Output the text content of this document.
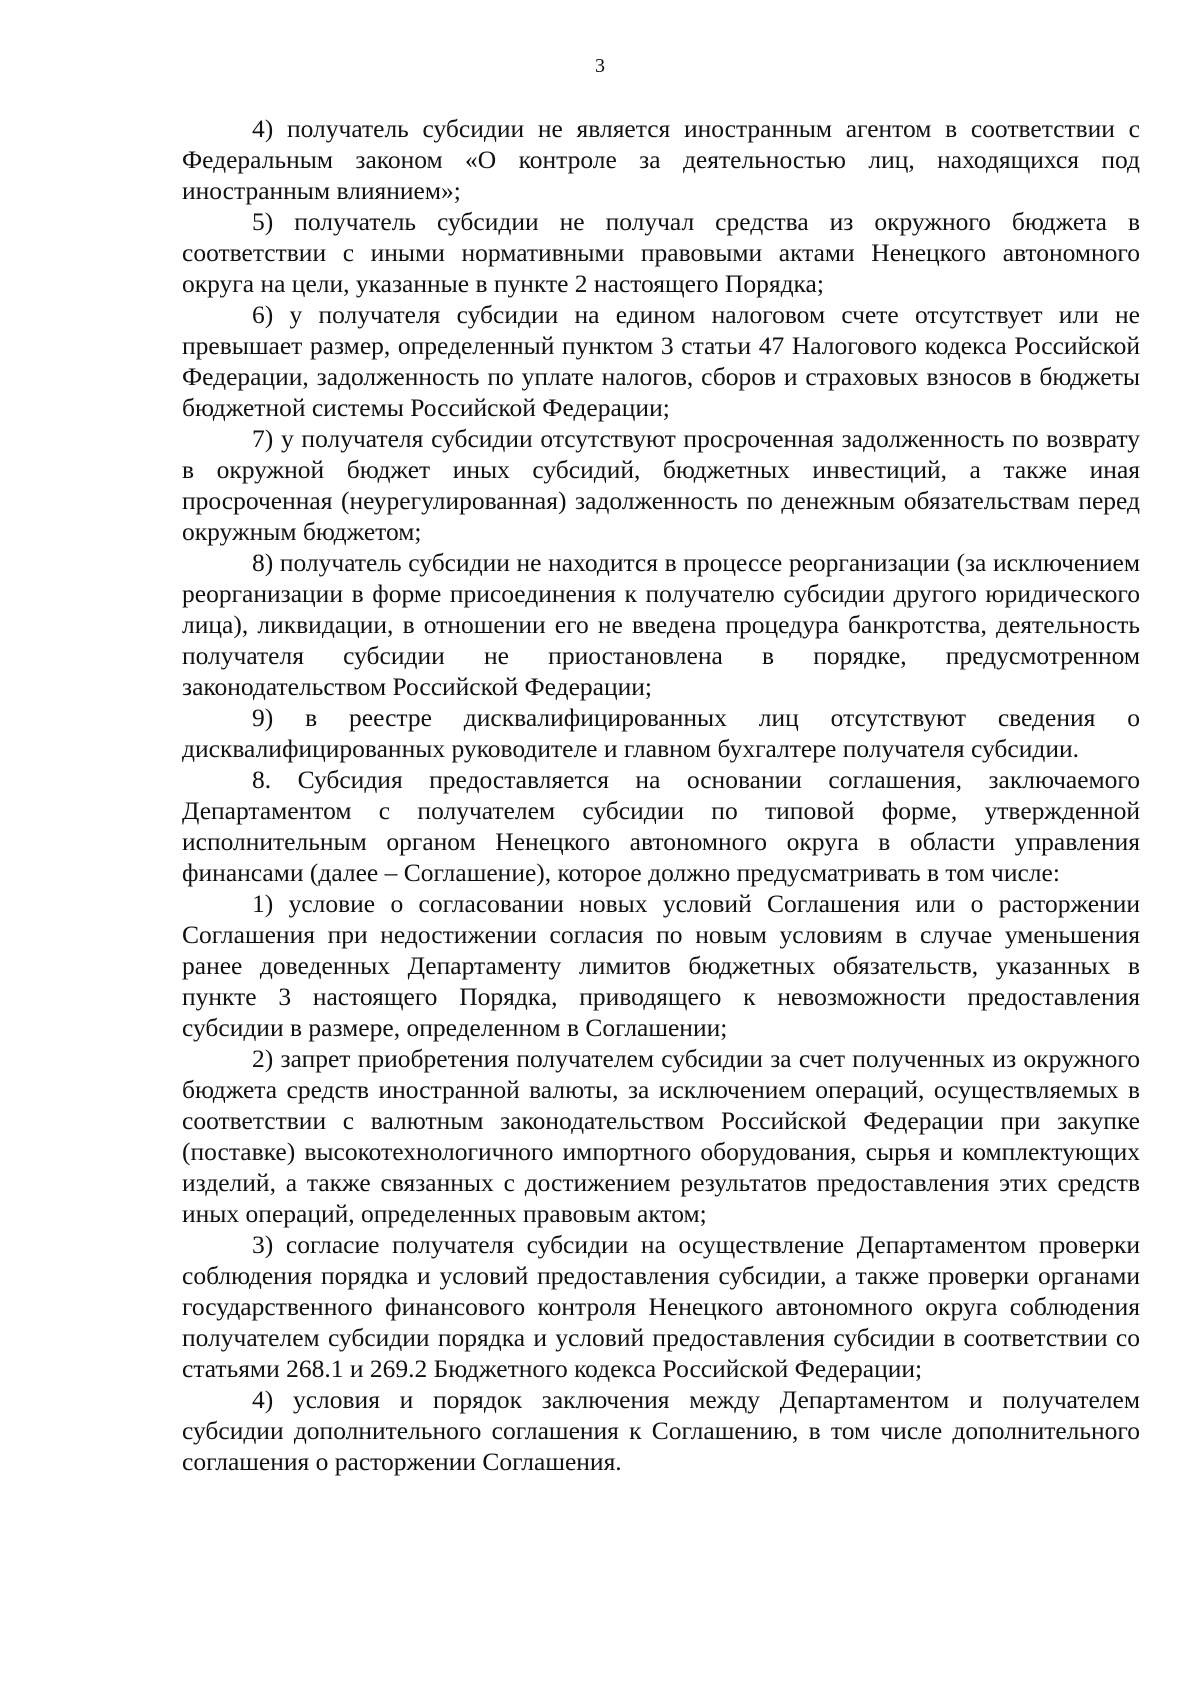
3

4) получатель субсидии не является иностранным агентом в соответствии с Федеральным законом «О контроле за деятельностью лиц, находящихся под иностранным влиянием»;

5) получатель субсидии не получал средства из окружного бюджета в соответствии с иными нормативными правовыми актами Ненецкого автономного округа на цели, указанные в пункте 2 настоящего Порядка;

6) у получателя субсидии на едином налоговом счете отсутствует или не превышает размер, определенный пунктом 3 статьи 47 Налогового кодекса Российской Федерации, задолженность по уплате налогов, сборов и страховых взносов в бюджеты бюджетной системы Российской Федерации;

7) у получателя субсидии отсутствуют просроченная задолженность по возврату в окружной бюджет иных субсидий, бюджетных инвестиций, а также иная просроченная (неурегулированная) задолженность по денежным обязательствам перед окружным бюджетом;

8) получатель субсидии не находится в процессе реорганизации (за исключением реорганизации в форме присоединения к получателю субсидии другого юридического лица), ликвидации, в отношении его не введена процедура банкротства, деятельность получателя субсидии не приостановлена в порядке, предусмотренном законодательством Российской Федерации;

9) в реестре дисквалифицированных лиц отсутствуют сведения о дисквалифицированных руководителе и главном бухгалтере получателя субсидии.

8. Субсидия предоставляется на основании соглашения, заключаемого Департаментом с получателем субсидии по типовой форме, утвержденной исполнительным органом Ненецкого автономного округа в области управления финансами (далее – Соглашение), которое должно предусматривать в том числе:

1) условие о согласовании новых условий Соглашения или о расторжении Соглашения при недостижении согласия по новым условиям в случае уменьшения ранее доведенных Департаменту лимитов бюджетных обязательств, указанных в пункте 3 настоящего Порядка, приводящего к невозможности предоставления субсидии в размере, определенном в Соглашении;

2) запрет приобретения получателем субсидии за счет полученных из окружного бюджета средств иностранной валюты, за исключением операций, осуществляемых в соответствии с валютным законодательством Российской Федерации при закупке (поставке) высокотехнологичного импортного оборудования, сырья и комплектующих изделий, а также связанных с достижением результатов предоставления этих средств иных операций, определенных правовым актом;

3) согласие получателя субсидии на осуществление Департаментом проверки соблюдения порядка и условий предоставления субсидии, а также проверки органами государственного финансового контроля Ненецкого автономного округа соблюдения получателем субсидии порядка и условий предоставления субсидии в соответствии со статьями 268.1 и 269.2 Бюджетного кодекса Российской Федерации;

4) условия и порядок заключения между Департаментом и получателем субсидии дополнительного соглашения к Соглашению, в том числе дополнительного соглашения о расторжении Соглашения.
